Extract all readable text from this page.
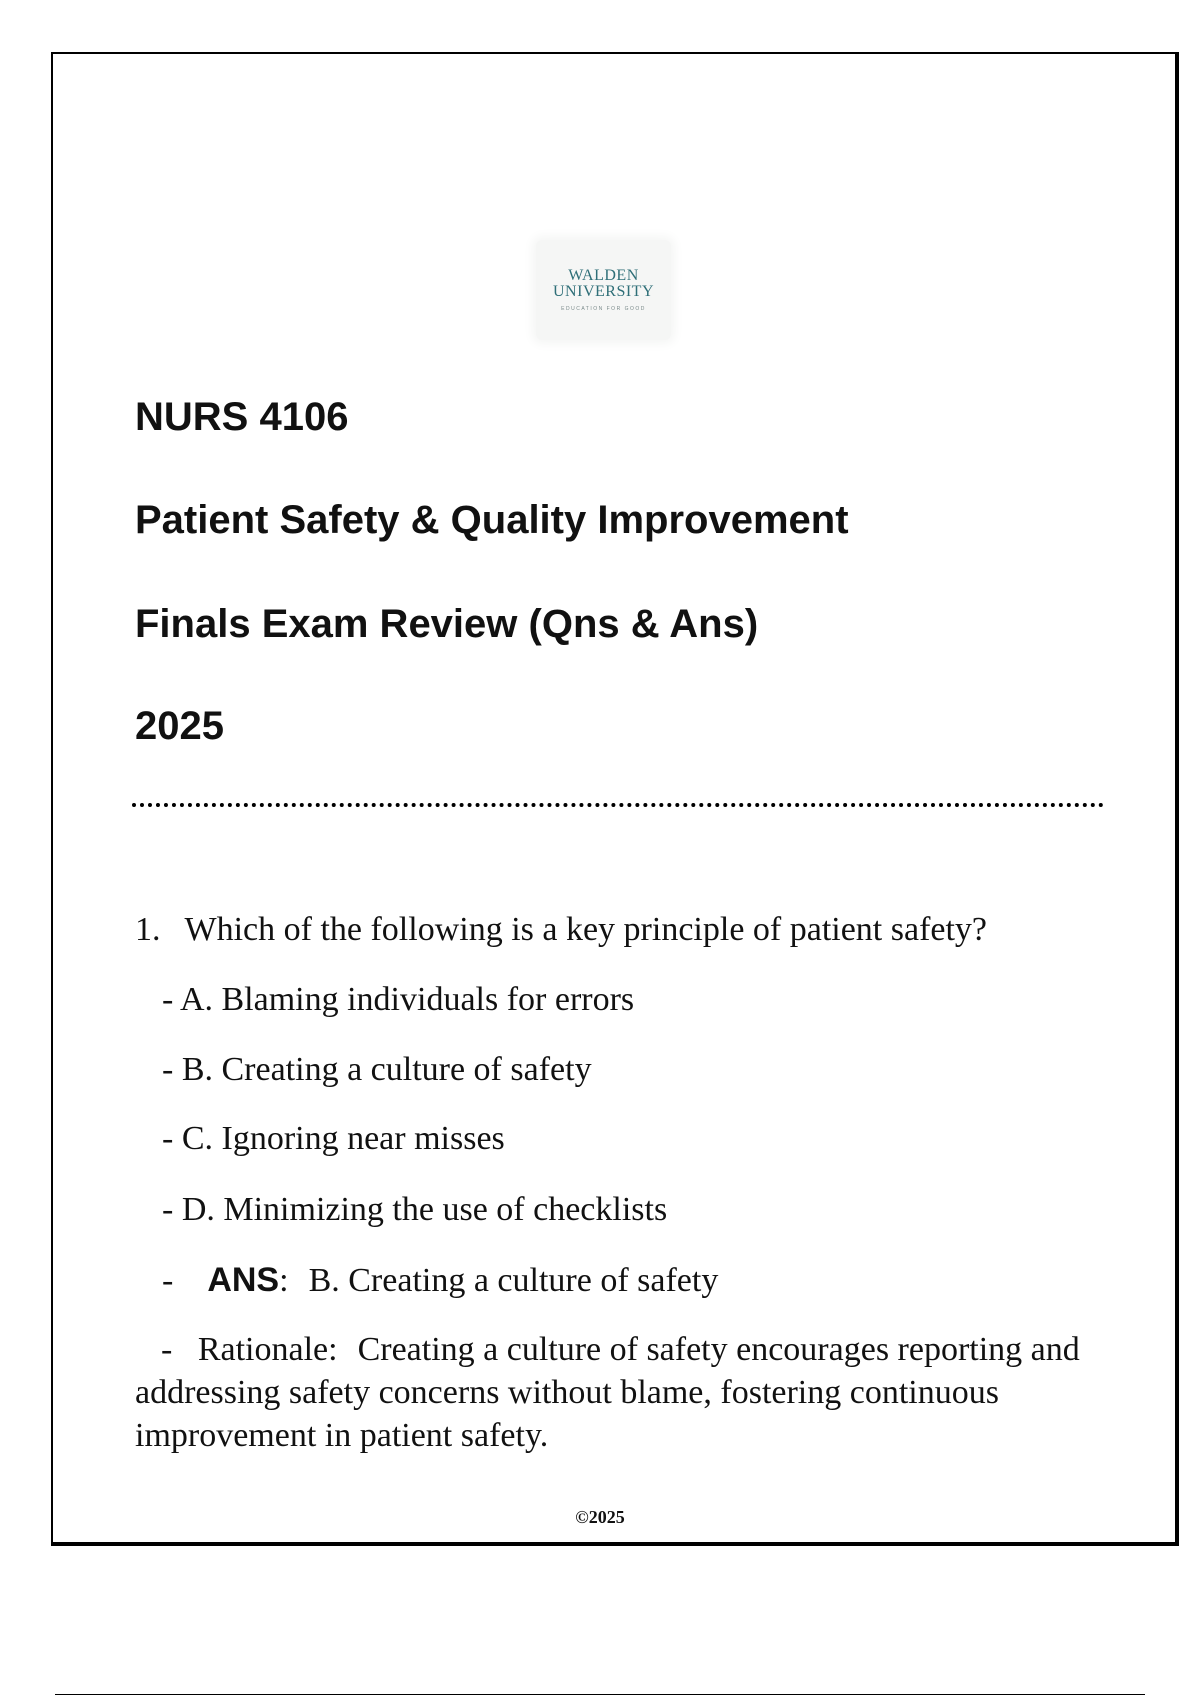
WALDEN
UNIVERSITY
EDUCATION FOR GOOD
NURS 4106
Patient Safety & Quality Improvement
Finals Exam Review (Qns & Ans)
2025
1. Which of the following is a key principle of patient safety?
- A. Blaming individuals for errors
- B. Creating a culture of safety
- C. Ignoring near misses
- D. Minimizing the use of checklists
- ANS: B. Creating a culture of safety
-   Rationale: Creating a culture of safety encourages reporting and addressing safety concerns without blame, fostering continuous improvement in patient safety.
©2025
